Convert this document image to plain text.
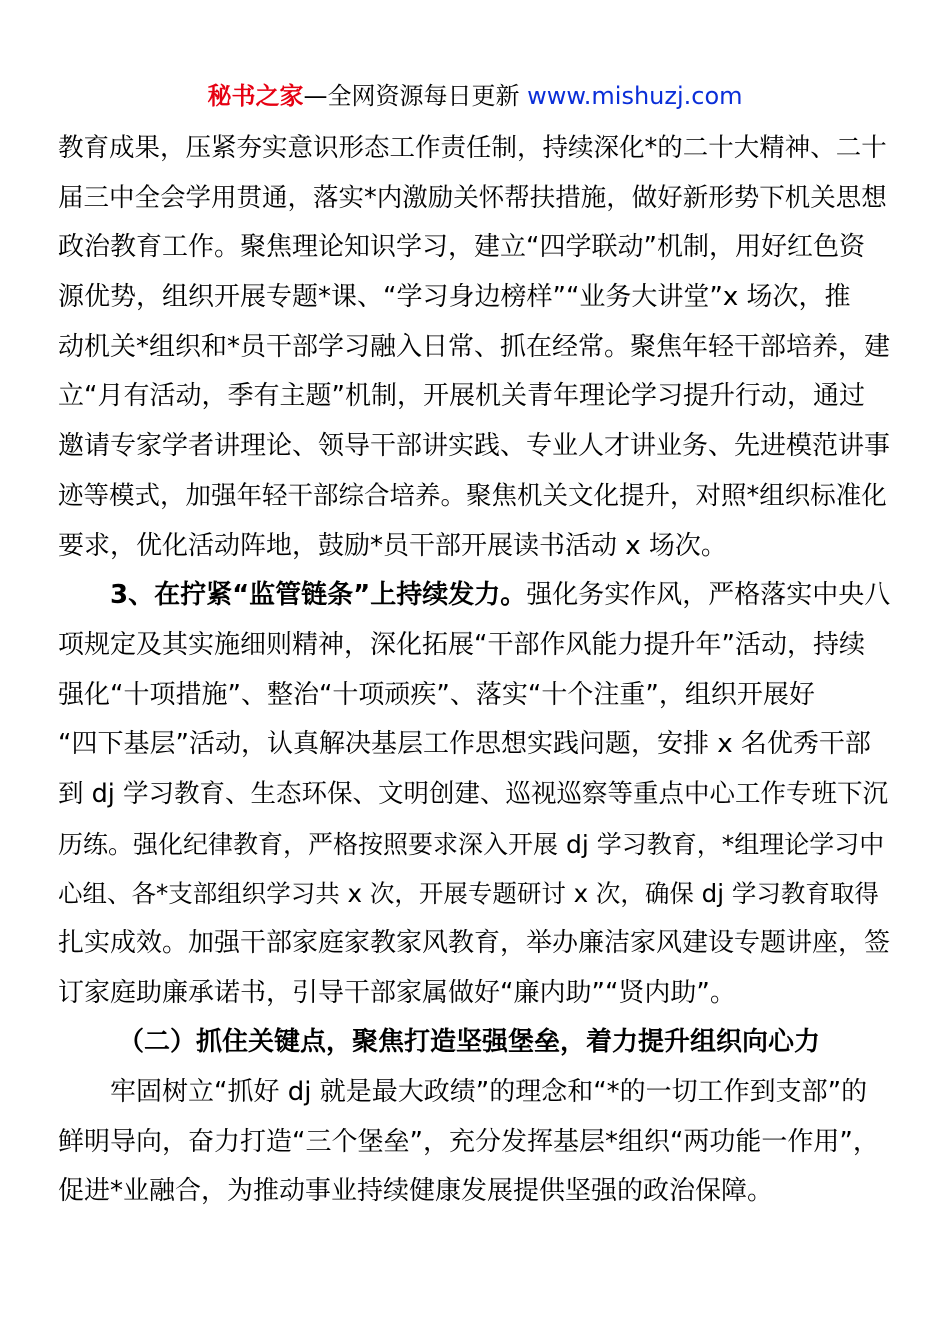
秘书之家—全网资源每日更新 www.mishuzj.com
教育成果，压紧夯实意识形态工作责任制，持续深化*的二十大精神、二十
届三中全会学用贯通，落实*内激励关怀帮扶措施，做好新形势下机关思想
政治教育工作。聚焦理论知识学习，建立“四学联动”机制，用好红色资
源优势，组织开展专题*课、“学习身边榜样”“业务大讲堂”x 场次，推
动机关*组织和*员干部学习融入日常、抓在经常。聚焦年轻干部培养，建
立“月有活动，季有主题”机制，开展机关青年理论学习提升行动，通过
邀请专家学者讲理论、领导干部讲实践、专业人才讲业务、先进模范讲事
迹等模式，加强年轻干部综合培养。聚焦机关文化提升，对照*组织标准化
要求，优化活动阵地，鼓励*员干部开展读书活动 x 场次。
3、在拧紧“监管链条”上持续发力。强化务实作风，严格落实中央八
项规定及其实施细则精神，深化拓展“干部作风能力提升年”活动，持续
强化“十项措施”、整治“十项顽疾”、落实“十个注重”，组织开展好
“四下基层”活动，认真解决基层工作思想实践问题，安排 x 名优秀干部
到 dj 学习教育、生态环保、文明创建、巡视巡察等重点中心工作专班下沉
历练。强化纪律教育，严格按照要求深入开展 dj 学习教育，*组理论学习中
心组、各*支部组织学习共 x 次，开展专题研讨 x 次，确保 dj 学习教育取得
扎实成效。加强干部家庭家教家风教育，举办廉洁家风建设专题讲座，签
订家庭助廉承诺书，引导干部家属做好“廉内助”“贤内助”。
（二）抓住关键点，聚焦打造坚强堡垒，着力提升组织向心力
牢固树立“抓好 dj 就是最大政绩”的理念和“*的一切工作到支部”的
鲜明导向，奋力打造“三个堡垒”，充分发挥基层*组织“两功能一作用”，
促进*业融合，为推动事业持续健康发展提供坚强的政治保障。
